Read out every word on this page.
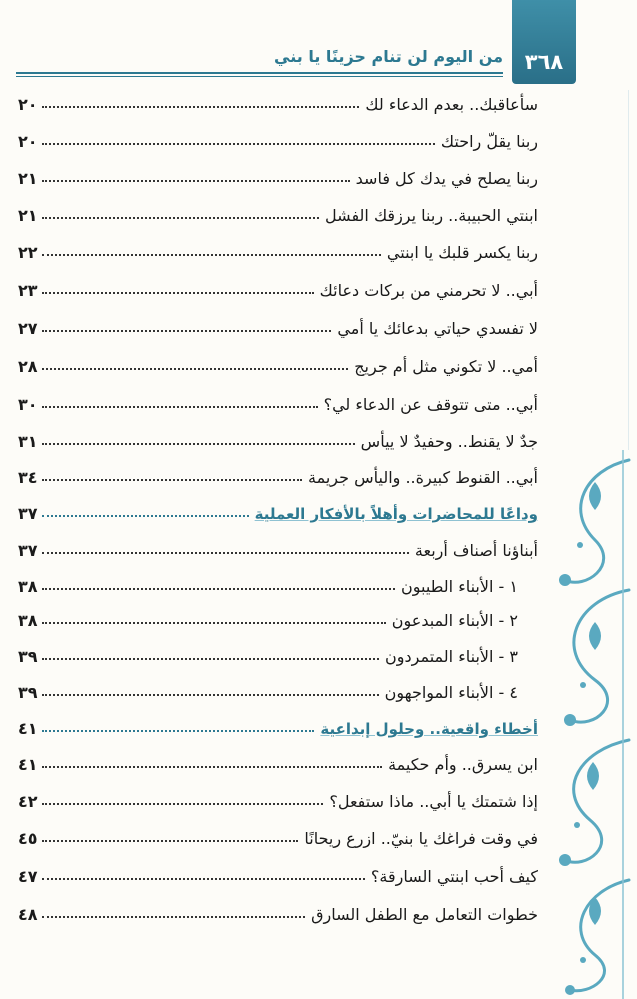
٣٦٨
من اليوم لن تنام حزينًا يا بني
سأعاقبك.. بعدم الدعاء لك
٢٠
ربنا يقلّ راحتك
٢٠
ربنا يصلح في يدك كل فاسد
٢١
ابنتي الحبيبة.. ربنا يرزقك الفشل
٢١
ربنا يكسر قلبك يا ابنتي
٢٢
أبي.. لا تحرمني من بركات دعائك
٢٣
لا تفسدي حياتي بدعائك يا أمي
٢٧
أمي.. لا تكوني مثل أم جريج
٢٨
أبي.. متى تتوقف عن الدعاء لي؟
٣٠
جدٌ لا يقنط.. وحفيدٌ لا ييأس
٣١
أبي.. القنوط كبيرة.. واليأس جريمة
٣٤
وداعًا للمحاضرات وأهلاً بالأفكار العملية
٣٧
أبناؤنا أصناف أربعة
٣٧
١ - الأبناء الطيبون
٣٨
٢ - الأبناء المبدعون
٣٨
٣ - الأبناء المتمردون
٣٩
٤ - الأبناء المواجهون
٣٩
أخطاء واقعية.. وحلول إبداعية
٤١
ابن يسرق.. وأم حكيمة
٤١
إذا شتمتك يا أبي.. ماذا ستفعل؟
٤٢
في وقت فراغك يا بنيّ.. ازرع ريحانًا
٤٥
كيف أحب ابنتي السارقة؟
٤٧
خطوات التعامل مع الطفل السارق
٤٨
